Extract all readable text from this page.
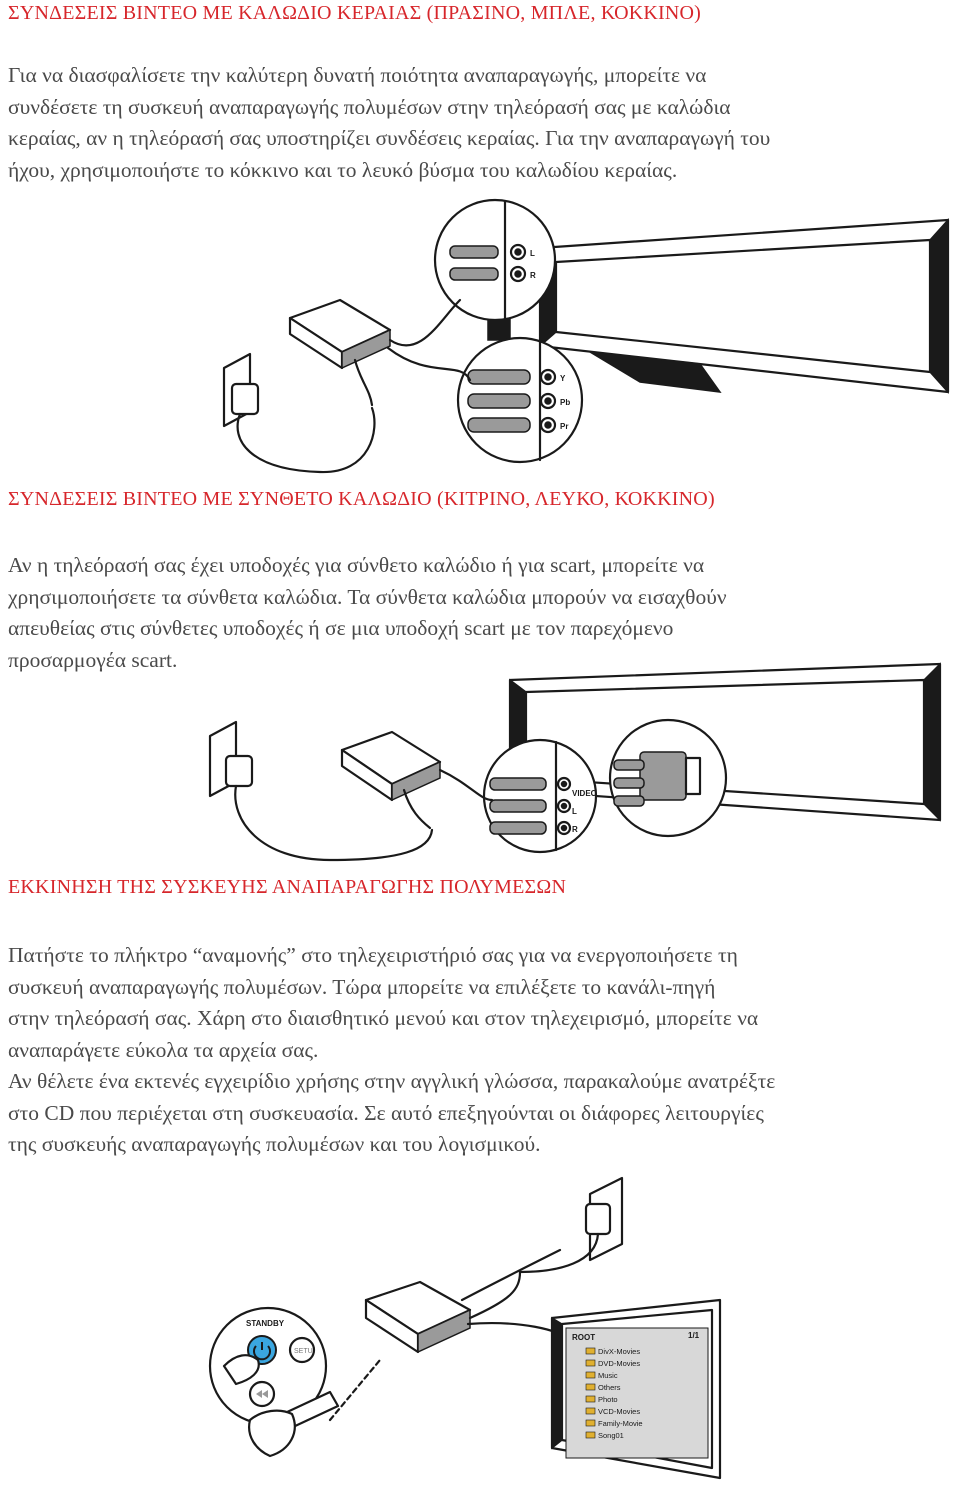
ΣΥΝΔΕΣΕΙΣ ΒΙΝΤΕΟ ΜΕ ΚΑΛΩΔΙΟ ΚΕΡΑΙΑΣ (ΠΡΑΣΙΝΟ, ΜΠΛΕ, ΚΟΚΚΙΝΟ)
Για να διασφαλίσετε την καλύτερη δυνατή ποιότητα αναπαραγωγής, μπορείτε να
συνδέσετε τη συσκευή αναπαραγωγής πολυμέσων στην τηλεόρασή σας με καλώδια
κεραίας, αν η τηλεόρασή σας υποστηρίζει συνδέσεις κεραίας. Για την αναπαραγωγή του
ήχου, χρησιμοποιήστε το κόκκινο και το λευκό βύσμα του καλωδίου κεραίας.
L
R
Y
Pb
Pr
ΣΥΝΔΕΣΕΙΣ ΒΙΝΤΕΟ ΜΕ ΣΥΝΘΕΤΟ ΚΑΛΩΔΙΟ (ΚΙΤΡΙΝΟ, ΛΕΥΚΟ, ΚΟΚΚΙΝΟ)
Αν η τηλεόρασή σας έχει υποδοχές για σύνθετο καλώδιο ή για scart, μπορείτε να
χρησιμοποιήσετε τα σύνθετα καλώδια. Τα σύνθετα καλώδια μπορούν να εισαχθούν
απευθείας στις σύνθετες υποδοχές ή σε μια υποδοχή scart με τον παρεχόμενο
προσαρμογέα scart.
VIDEO
L
R
ΕΚΚΙΝΗΣΗ ΤΗΣ ΣΥΣΚΕΥΗΣ ΑΝΑΠΑΡΑΓΩΓΗΣ ΠΟΛΥΜΕΣΩΝ
Πατήστε το πλήκτρο “αναμονής” στο τηλεχειριστήριό σας για να ενεργοποιήσετε τη
συσκευή αναπαραγωγής πολυμέσων. Τώρα μπορείτε να επιλέξετε το κανάλι-πηγή
στην τηλεόρασή σας. Χάρη στο διαισθητικό μενού και στον τηλεχειρισμό, μπορείτε να
αναπαράγετε εύκολα τα αρχεία σας.
Αν θέλετε ένα εκτενές εγχειρίδιο χρήσης στην αγγλική γλώσσα, παρακαλούμε ανατρέξτε
στο CD που περιέχεται στη συσκευασία. Σε αυτό επεξηγούνται οι διάφορες λειτουργίες
της συσκευής αναπαραγωγής πολυμέσων και του λογισμικού.
ROOT	1/1
DivX-Movies
DVD-Movies
Music
Others
Photo
VCD-Movies
Family-Movie
Song01
STANDBY
SETU
